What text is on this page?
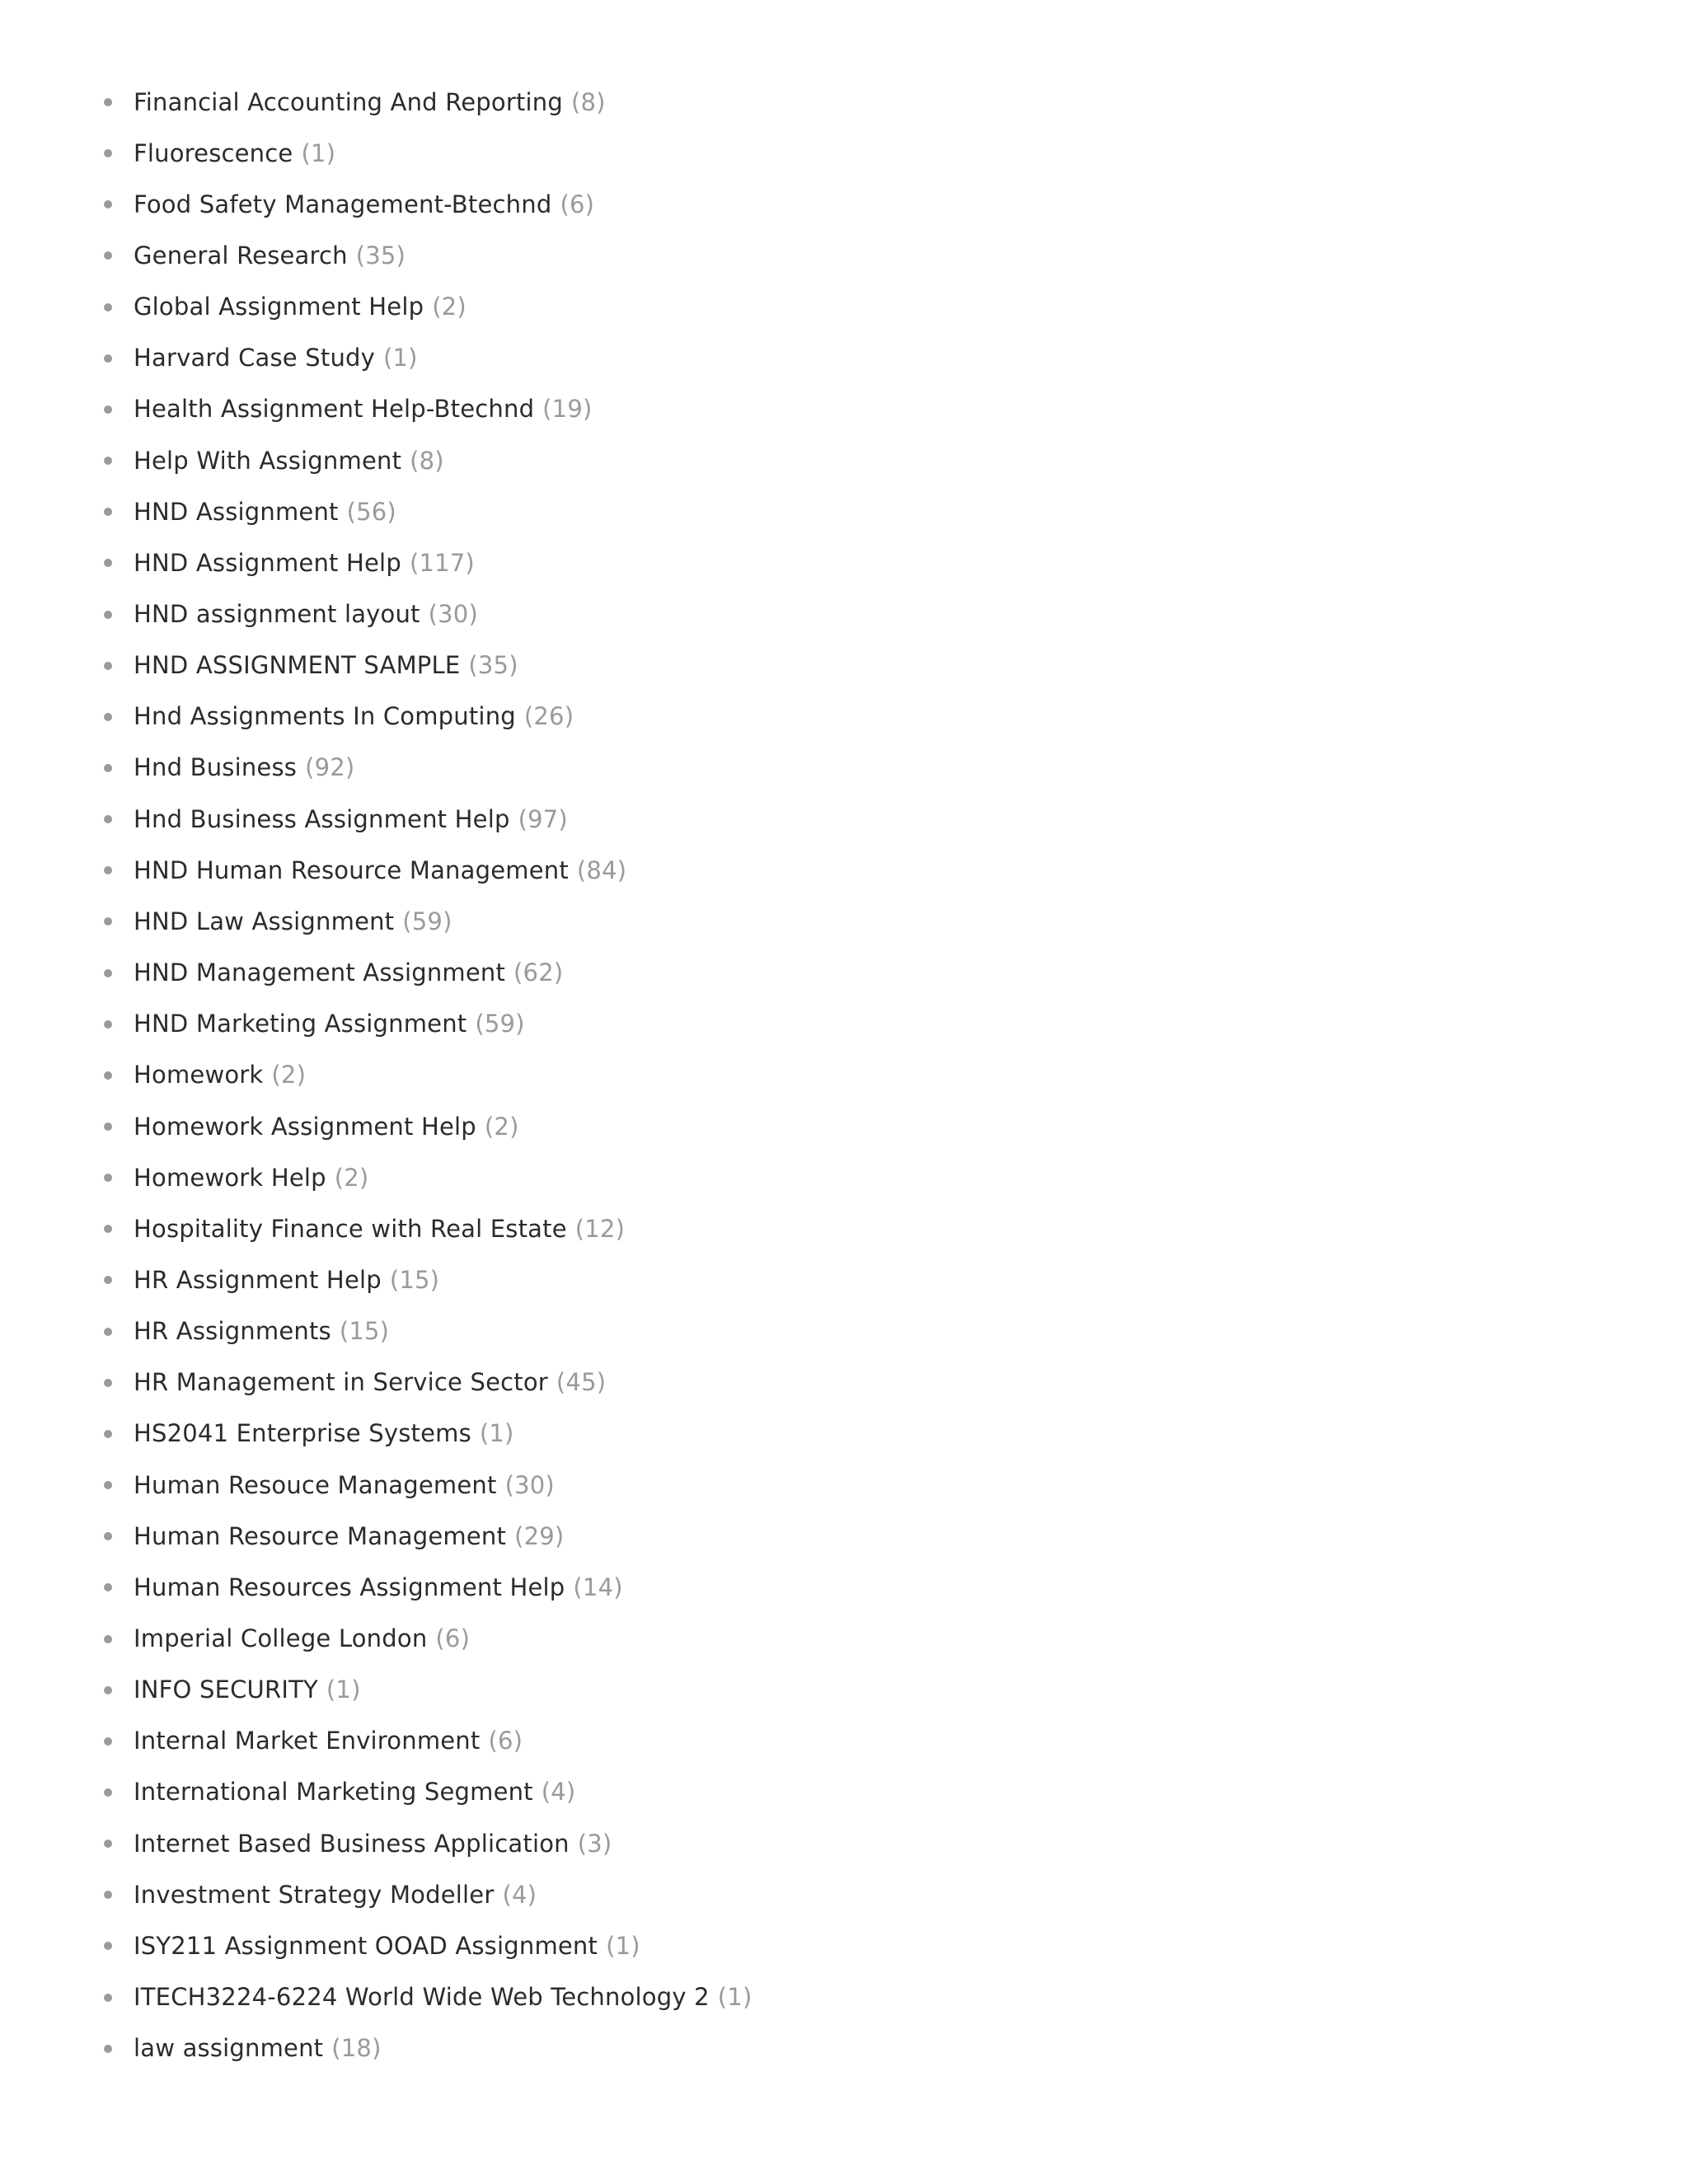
Financial Accounting And Reporting (8)
Fluorescence (1)
Food Safety Management-Btechnd (6)
General Research (35)
Global Assignment Help (2)
Harvard Case Study (1)
Health Assignment Help-Btechnd (19)
Help With Assignment (8)
HND Assignment (56)
HND Assignment Help (117)
HND assignment layout (30)
HND ASSIGNMENT SAMPLE (35)
Hnd Assignments In Computing (26)
Hnd Business (92)
Hnd Business Assignment Help (97)
HND Human Resource Management (84)
HND Law Assignment (59)
HND Management Assignment (62)
HND Marketing Assignment (59)
Homework (2)
Homework Assignment Help (2)
Homework Help (2)
Hospitality Finance with Real Estate (12)
HR Assignment Help (15)
HR Assignments (15)
HR Management in Service Sector (45)
HS2041 Enterprise Systems (1)
Human Resouce Management (30)
Human Resource Management (29)
Human Resources Assignment Help (14)
Imperial College London (6)
INFO SECURITY (1)
Internal Market Environment (6)
International Marketing Segment (4)
Internet Based Business Application (3)
Investment Strategy Modeller (4)
ISY211 Assignment OOAD Assignment (1)
ITECH3224-6224 World Wide Web Technology 2 (1)
law assignment (18)
